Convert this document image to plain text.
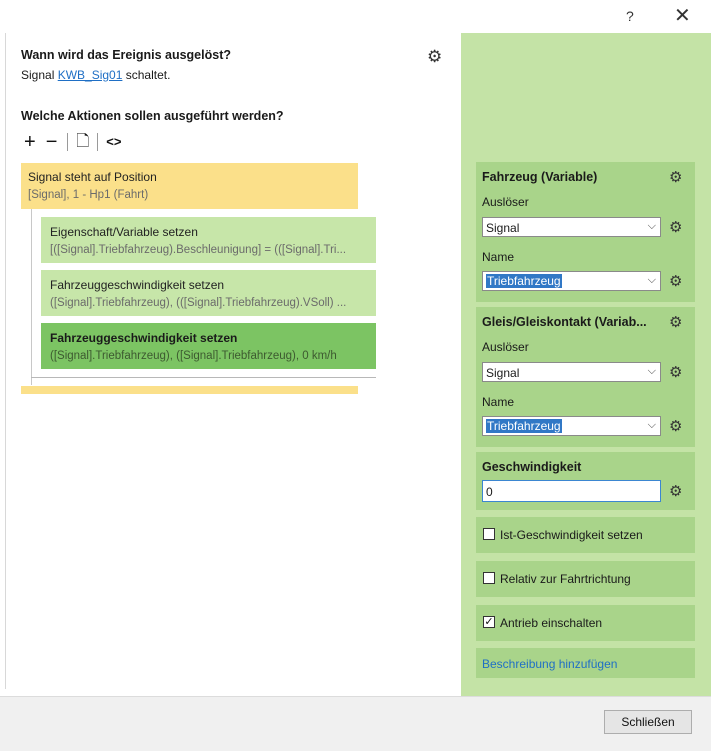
? ✕
Wann wird das Ereignis ausgelöst?
Signal KWB_Sig01 schaltet.
⚙
Welche Aktionen sollen ausgeführt werden?
+ − 🗋 <>
Signal steht auf Position
[Signal], 1 - Hp1 (Fahrt)
Eigenschaft/Variable setzen
[([Signal].Triebfahrzeug).Beschleunigung] = (([Signal].Tri...
Fahrzeuggeschwindigkeit setzen
([Signal].Triebfahrzeug), (([Signal].Triebfahrzeug).VSoll) ...
Fahrzeuggeschwindigkeit setzen
([Signal].Triebfahrzeug), ([Signal].Triebfahrzeug), 0 km/h
Fahrzeug (Variable)	⚙
Auslöser
Signal	⌵ ⚙
Name
Triebfahrzeug	⌵ ⚙
Gleis/Gleiskontakt (Variab... ⚙
Auslöser
Signal	⌵ ⚙
Name
Triebfahrzeug	⌵ ⚙
Geschwindigkeit
0	⚙
Ist-Geschwindigkeit setzen
Relativ zur Fahrtrichtung
✓ Antrieb einschalten
Beschreibung hinzufügen
Schließen
